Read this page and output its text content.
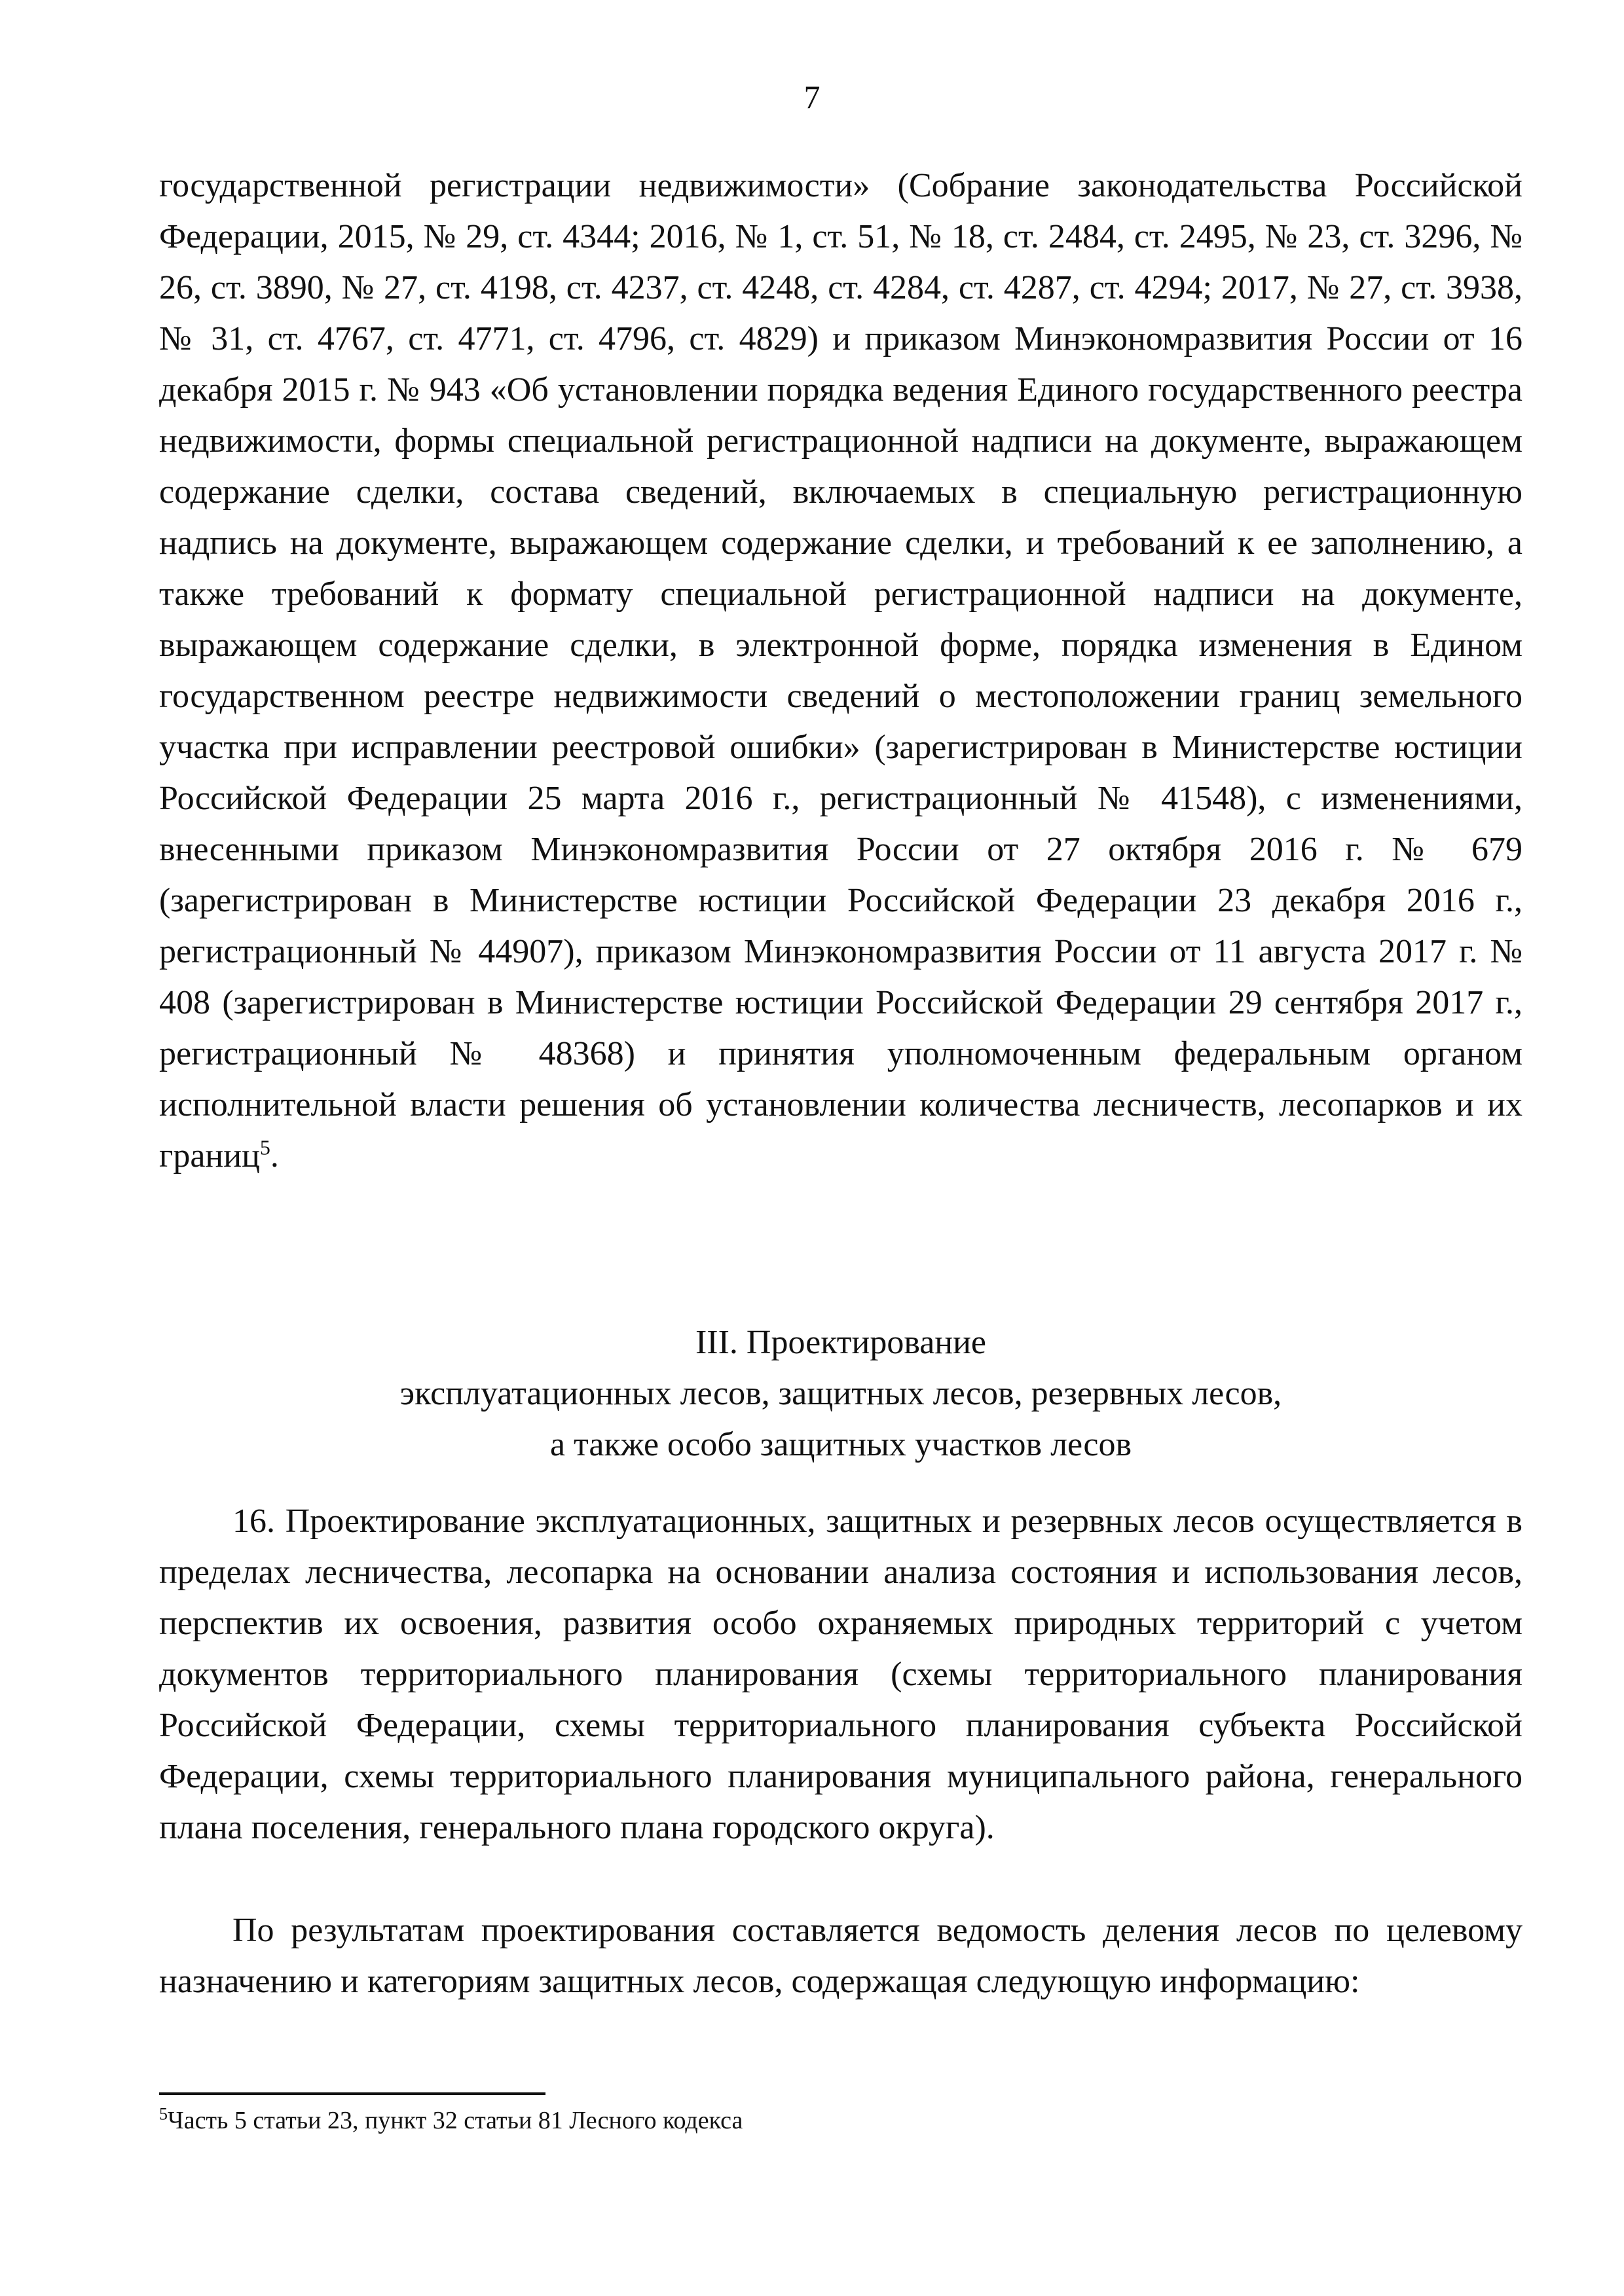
7

государственной регистрации недвижимости» (Собрание законодательства Российской Федерации, 2015, № 29, ст. 4344; 2016, № 1, ст. 51, № 18, ст. 2484, ст. 2495, № 23, ст. 3296, № 26, ст. 3890, № 27, ст. 4198, ст. 4237, ст. 4248, ст. 4284, ст. 4287, ст. 4294; 2017, № 27, ст. 3938, № 31, ст. 4767, ст. 4771, ст. 4796, ст. 4829) и приказом Минэкономразвития России от 16 декабря 2015 г. № 943 «Об установлении порядка ведения Единого государственного реестра недвижимости, формы специальной регистрационной надписи на документе, выражающем содержание сделки, состава сведений, включаемых в специальную регистрационную надпись на документе, выражающем содержание сделки, и требований к ее заполнению, а также требований к формату специальной регистрационной надписи на документе, выражающем содержание сделки, в электронной форме, порядка изменения в Едином государственном реестре недвижимости сведений о местоположении границ земельного участка при исправлении реестровой ошибки» (зарегистрирован в Министерстве юстиции Российской Федерации 25 марта 2016 г., регистрационный № 41548), с изменениями, внесенными приказом Минэкономразвития России от 27 октября 2016 г. № 679 (зарегистрирован в Министерстве юстиции Российской Федерации 23 декабря 2016 г., регистрационный № 44907), приказом Минэкономразвития России от 11 августа 2017 г. № 408 (зарегистрирован в Министерстве юстиции Российской Федерации 29 сентября 2017 г., регистрационный № 48368) и принятия уполномоченным федеральным органом исполнительной власти решения об установлении количества лесничеств, лесопарков и их границ$^5$.

III. Проектирование
эксплуатационных лесов, защитных лесов, резервных лесов,
а также особо защитных участков лесов

16. Проектирование эксплуатационных, защитных и резервных лесов осуществляется в пределах лесничества, лесопарка на основании анализа состояния и использования лесов, перспектив их освоения, развития особо охраняемых природных территорий с учетом документов территориального планирования (схемы территориального планирования Российской Федерации, схемы территориального планирования субъекта Российской Федерации, схемы территориального планирования муниципального района, генерального плана поселения, генерального плана городского округа).

По результатам проектирования составляется ведомость деления лесов по целевому назначению и категориям защитных лесов, содержащая следующую информацию:

$^5$Часть 5 статьи 23, пункт 32 статьи 81 Лесного кодекса
